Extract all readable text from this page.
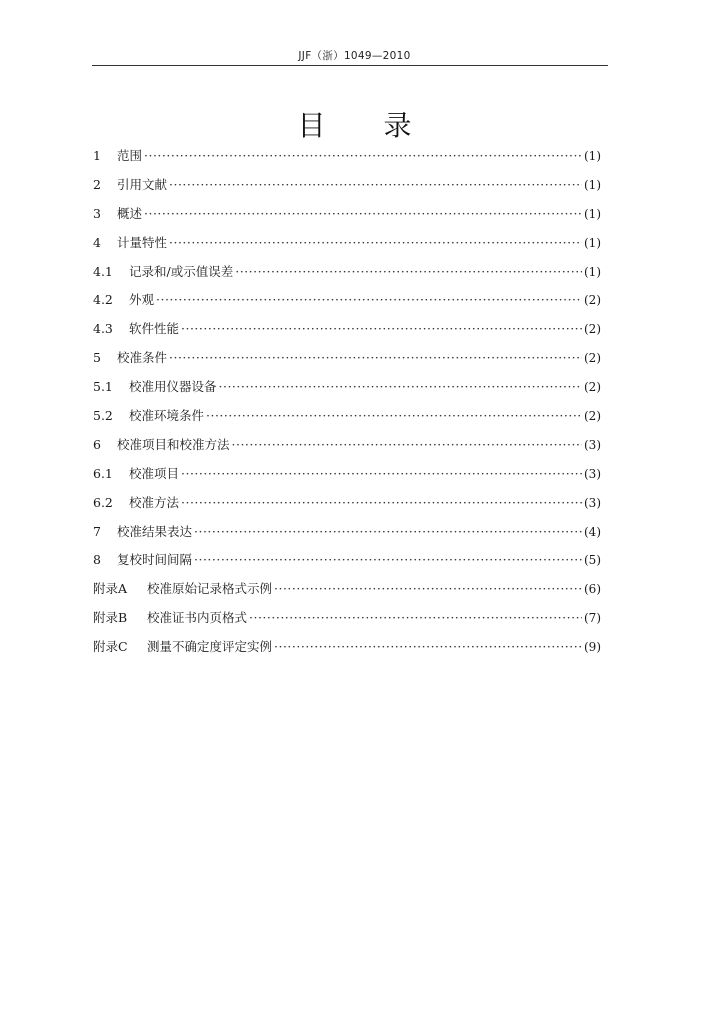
JJF（浙）1049—2010
目录
1	范围 ·····	(1)
2	引用文献 ·····	(1)
3	概述 ·····	(1)
4	计量特性 ·····	(1)
4.1	记录和/或示值误差 ·····	(1)
4.2	外观 ·····	(2)
4.3	软件性能 ·····	(2)
5	校准条件 ·····	(2)
5.1	校准用仪器设备 ·····	(2)
5.2	校准环境条件 ·····	(2)
6	校准项目和校准方法 ·····	(3)
6.1	校准项目 ·····	(3)
6.2	校准方法 ·····	(3)
7	校准结果表达 ·····	(4)
8	复校时间间隔 ·····	(5)
附录A	校准原始记录格式示例 ·····	(6)
附录B	校准证书内页格式 ·····	(7)
附录C	测量不确定度评定实例 ·····	(9)
